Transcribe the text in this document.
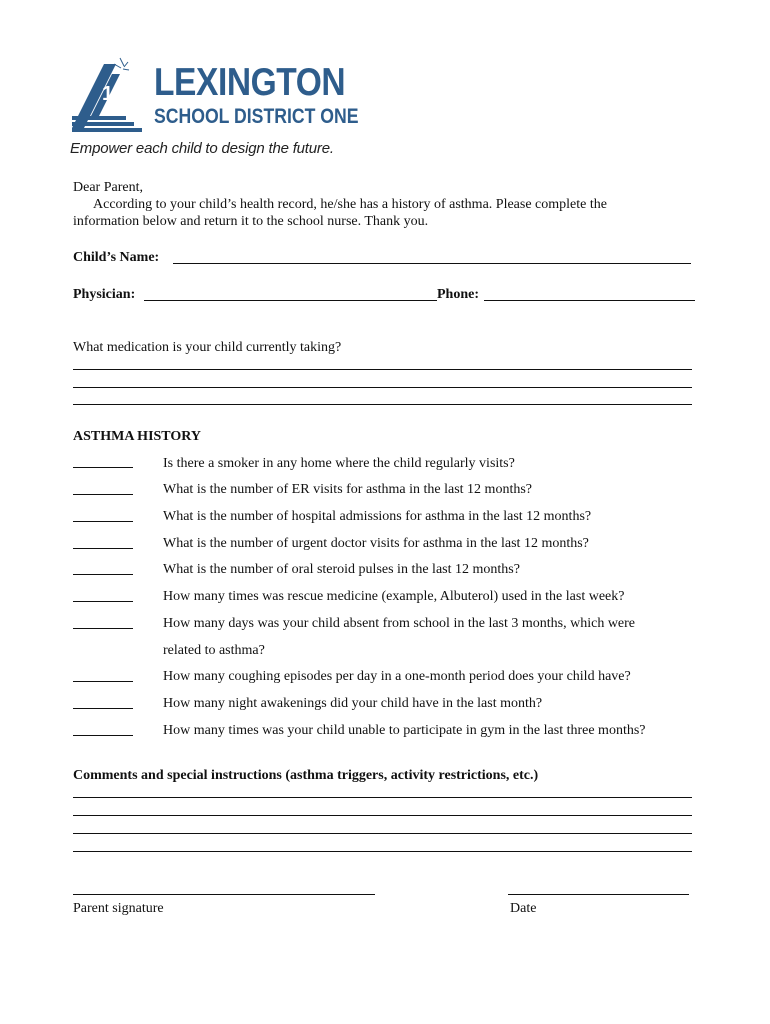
1 LEXINGTON
SCHOOL DISTRICT ONE
Empower each child to design the future.
Dear Parent,
According to your child’s health record, he/she has a history of asthma. Please complete the
information below and return it to the school nurse. Thank you.
Child’s Name:
Physician:	Phone:
What medication is your child currently taking?
ASTHMA HISTORY
Is there a smoker in any home where the child regularly visits?
What is the number of ER visits for asthma in the last 12 months?
What is the number of hospital admissions for asthma in the last 12 months?
What is the number of urgent doctor visits for asthma in the last 12 months?
What is the number of oral steroid pulses in the last 12 months?
How many times was rescue medicine (example, Albuterol) used in the last week?
How many days was your child absent from school in the last 3 months, which were
related to asthma?
How many coughing episodes per day in a one-month period does your child have?
How many night awakenings did your child have in the last month?
How many times was your child unable to participate in gym in the last three months?
Comments and special instructions (asthma triggers, activity restrictions, etc.)
Parent signature	Date
